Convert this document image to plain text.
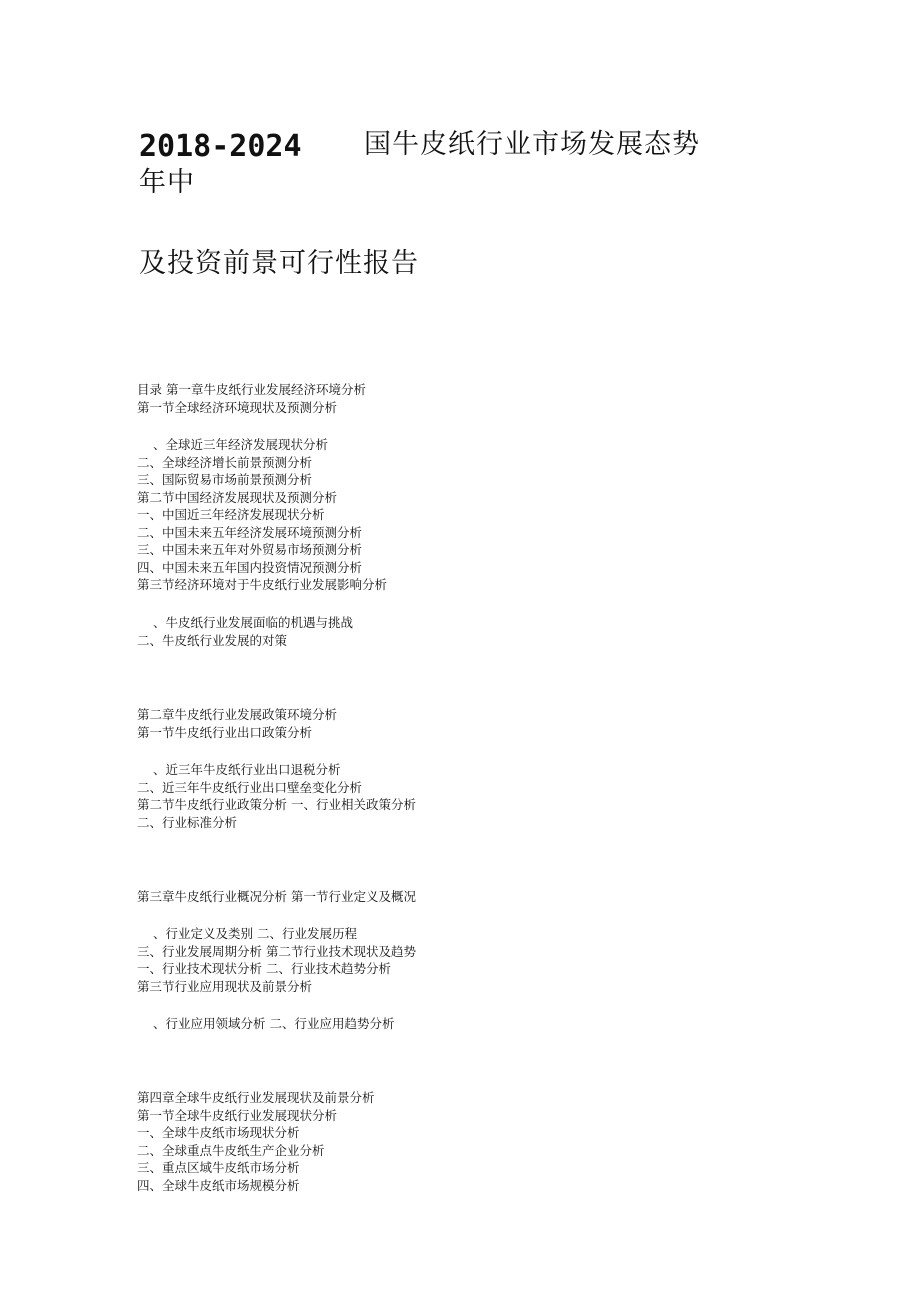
2018-2024 国牛皮纸行业市场发展态势
年中
及投资前景可行性报告
目录 第一章牛皮纸行业发展经济环境分析
第一节全球经济环境现状及预测分析
、全球近三年经济发展现状分析
二、全球经济增长前景预测分析
三、国际贸易市场前景预测分析
第二节中国经济发展现状及预测分析
一、中国近三年经济发展现状分析
二、中国未来五年经济发展环境预测分析
三、中国未来五年对外贸易市场预测分析
四、中国未来五年国内投资情况预测分析
第三节经济环境对于牛皮纸行业发展影响分析
、牛皮纸行业发展面临的机遇与挑战
二、牛皮纸行业发展的对策
第二章牛皮纸行业发展政策环境分析
第一节牛皮纸行业出口政策分析
、近三年牛皮纸行业出口退税分析
二、近三年牛皮纸行业出口壁垒变化分析
第二节牛皮纸行业政策分析 一、行业相关政策分析
二、行业标准分析
第三章牛皮纸行业概况分析 第一节行业定义及概况
、行业定义及类别 二、行业发展历程
三、行业发展周期分析 第二节行业技术现状及趋势
一、行业技术现状分析 二、行业技术趋势分析
第三节行业应用现状及前景分析
、行业应用领域分析 二、行业应用趋势分析
第四章全球牛皮纸行业发展现状及前景分析
第一节全球牛皮纸行业发展现状分析
一、全球牛皮纸市场现状分析
二、全球重点牛皮纸生产企业分析
三、重点区域牛皮纸市场分析
四、全球牛皮纸市场规模分析
